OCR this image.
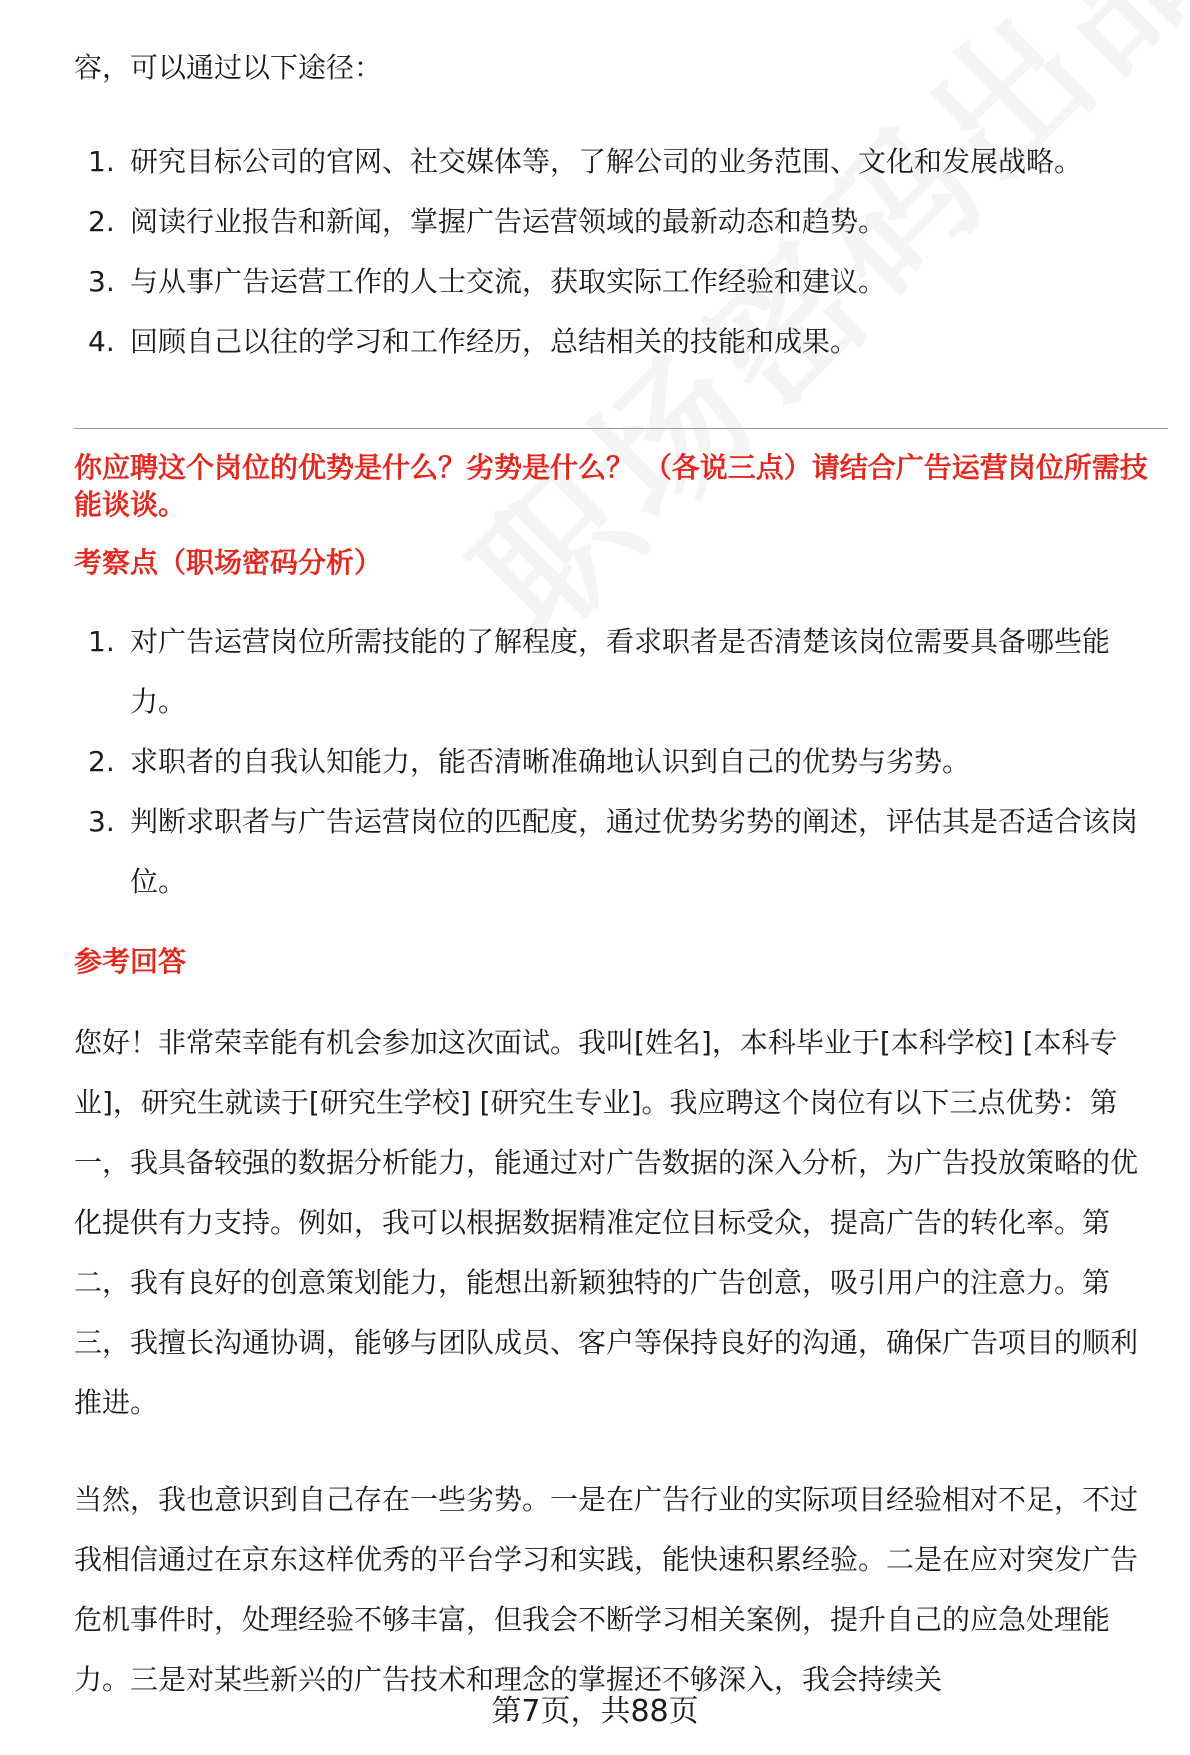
容，可以通过以下途径：

1. 研究目标公司的官网、社交媒体等，了解公司的业务范围、文化和发展战略。
2. 阅读行业报告和新闻，掌握广告运营领域的最新动态和趋势。
3. 与从事广告运营工作的人士交流，获取实际工作经验和建议。
4. 回顾自己以往的学习和工作经历，总结相关的技能和成果。
你应聘这个岗位的优势是什么？劣势是什么？ （各说三点）请结合广告运营岗位所需技能谈谈。
考察点（职场密码分析）
1. 对广告运营岗位所需技能的了解程度，看求职者是否清楚该岗位需要具备哪些能力。
2. 求职者的自我认知能力，能否清晰准确地认识到自己的优势与劣势。
3. 判断求职者与广告运营岗位的匹配度，通过优势劣势的阐述，评估其是否适合该岗位。
参考回答

您好！非常荣幸能有机会参加这次面试。我叫[姓名]，本科毕业于[本科学校] [本科专业]，研究生就读于[研究生学校] [研究生专业]。我应聘这个岗位有以下三点优势：第一，我具备较强的数据分析能力，能通过对广告数据的深入分析，为广告投放策略的优化提供有力支持。例如，我可以根据数据精准定位目标受众，提高广告的转化率。第二，我有良好的创意策划能力，能想出新颖独特的广告创意，吸引用户的注意力。第三，我擅长沟通协调，能够与团队成员、客户等保持良好的沟通，确保广告项目的顺利推进。

当然，我也意识到自己存在一些劣势。一是在广告行业的实际项目经验相对不足，不过我相信通过在京东这样优秀的平台学习和实践，能快速积累经验。二是在应对突发广告危机事件时，处理经验不够丰富，但我会不断学习相关案例，提升自己的应急处理能力。三是对某些新兴的广告技术和理念的掌握还不够深入，我会持续关

第7页，共88页
